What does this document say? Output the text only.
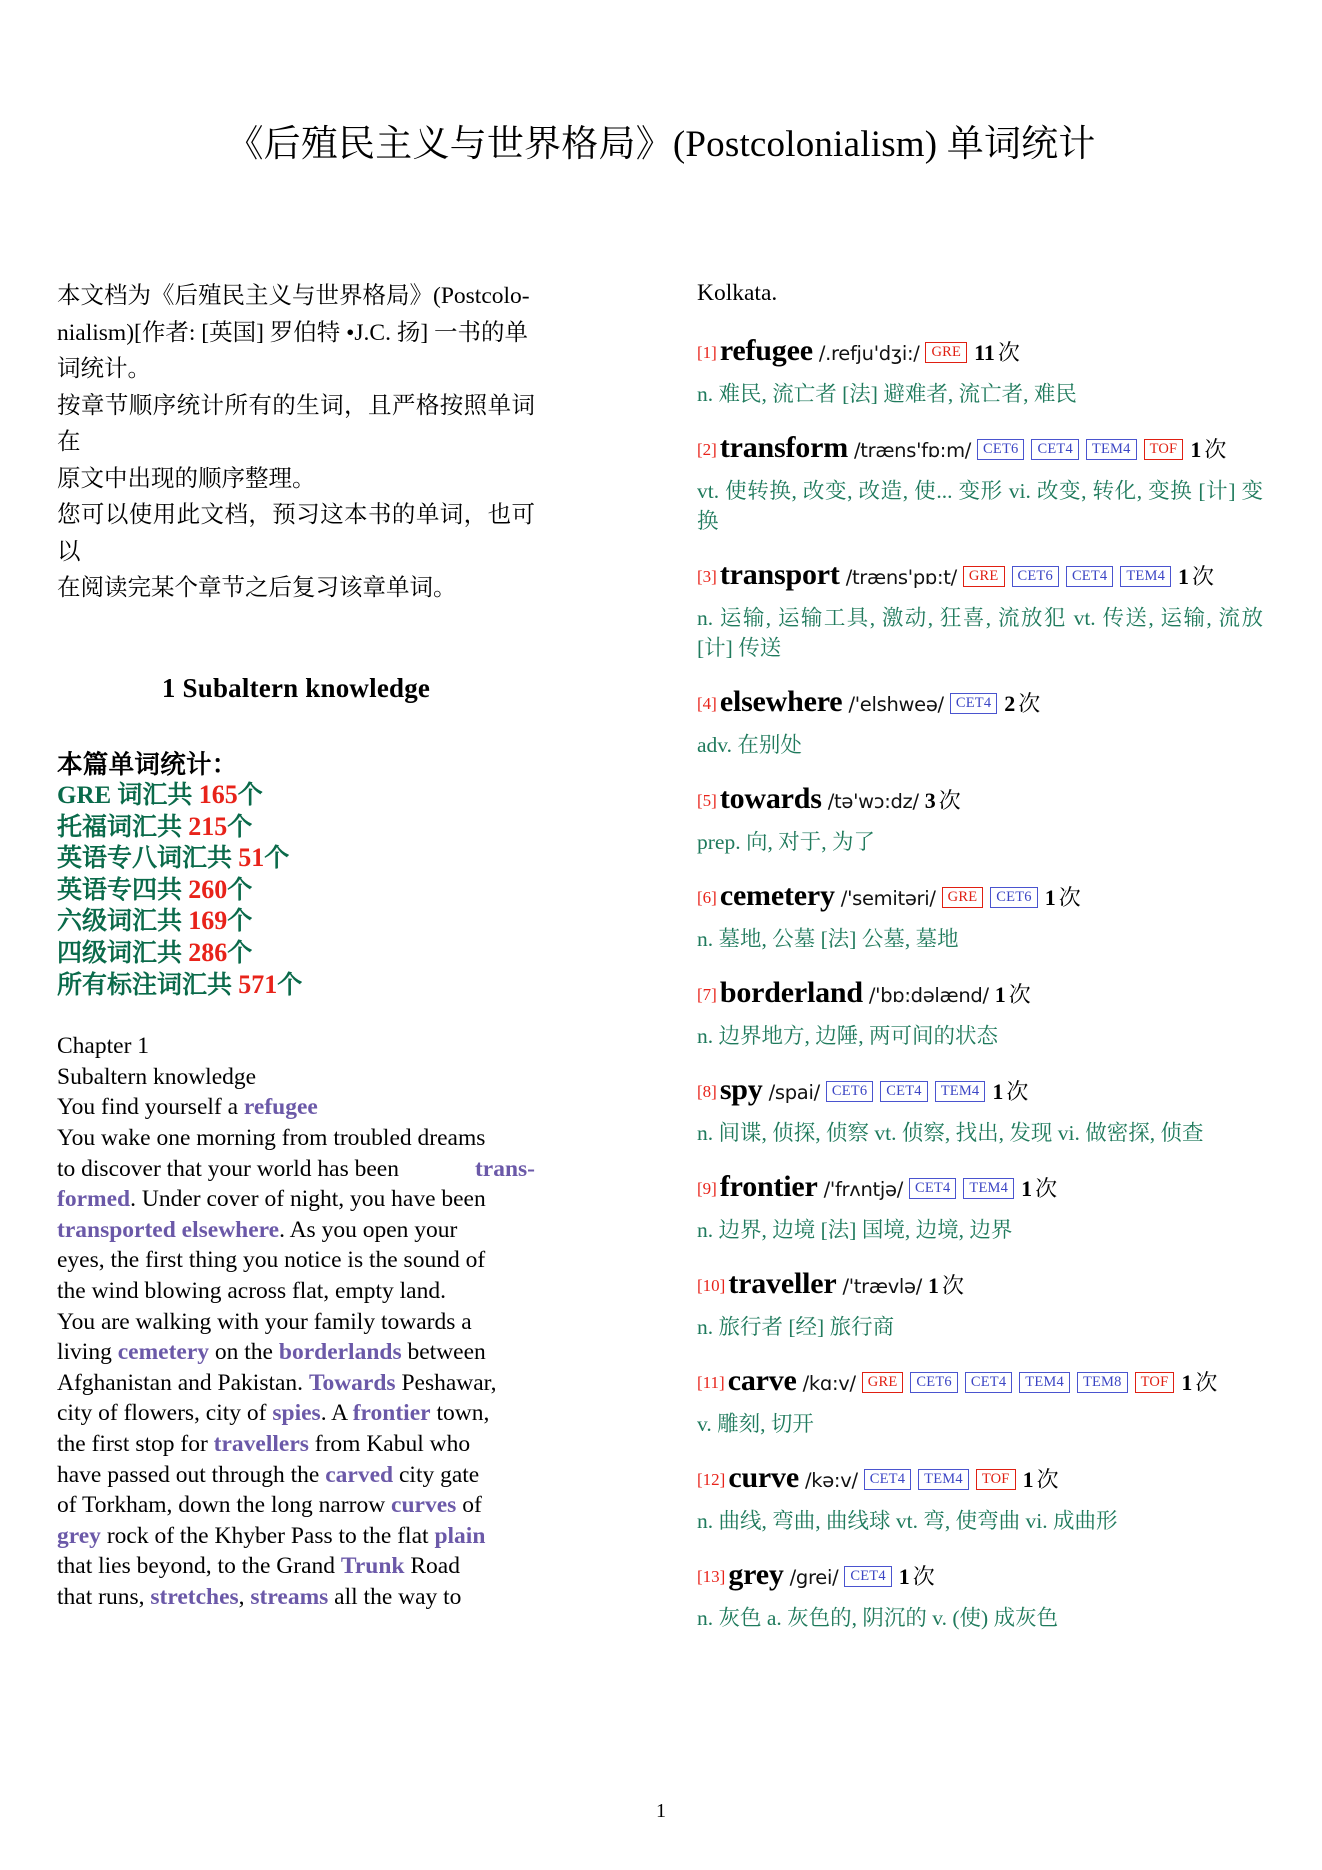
《后殖民主义与世界格局》(Postcolonialism) 单词统计

本文档为《后殖民主义与世界格局》(Postcolo-

nialism)[作者: [英国] 罗伯特 •J.C. 扬] 一书的单

词统计。

按章节顺序统计所有的生词，且严格按照单词在

原文中出现的顺序整理。

您可以使用此文档，预习这本书的单词，也可以

在阅读完某个章节之后复习该章单词。

1 Subaltern knowledge
本篇单词统计：
GRE 词汇共 165个
托福词汇共 215个
英语专八词汇共 51个
英语专四共 260个
六级词汇共 169个
四级词汇共 286个
所有标注词汇共 571个
Chapter 1
Subaltern knowledge
You find yourself a refugee
You wake one morning from troubled dreams
to discover that your world has been	trans-
formed. Under cover of night, you have been
transported elsewhere. As you open your
eyes, the first thing you notice is the sound of
the wind blowing across flat, empty land.
You are walking with your family towards a
living cemetery on the borderlands between
Afghanistan and Pakistan. Towards Peshawar,
city of flowers, city of spies. A frontier town,
the first stop for travellers from Kabul who
have passed out through the carved city gate
of Torkham, down the long narrow curves of
grey rock of the Khyber Pass to the flat plain
that lies beyond, to the Grand Trunk Road
that runs, stretches, streams all the way to
Kolkata.
[1] refugee /.refju'dʒi:/ GRE 11 次
n. 难民, 流亡者 [法] 避难者, 流亡者, 难民
[2] transform /træns'fɒ:m/ CET6 CET4 TEM4 TOF 1 次
vt. 使转换, 改变, 改造, 使... 变形 vi. 改变, 转化, 变换 [计] 变换
[3] transport /træns'pɒ:t/ GRE CET6 CET4 TEM4 1 次
n. 运输, 运输工具, 激动, 狂喜, 流放犯 vt. 传送, 运输, 流放 [计] 传送
[4] elsewhere /'elshweə/ CET4 2 次
adv. 在别处
[5] towards /tə'wɔ:dz/ 3 次
prep. 向, 对于, 为了
[6] cemetery /'semitəri/ GRE CET6 1 次
n. 墓地, 公墓 [法] 公墓, 墓地
[7] borderland /'bɒ:dəlænd/ 1 次
n. 边界地方, 边陲, 两可间的状态
[8] spy /spai/ CET6 CET4 TEM4 1 次
n. 间谍, 侦探, 侦察 vt. 侦察, 找出, 发现 vi. 做密探, 侦查
[9] frontier /'frʌntjə/ CET4 TEM4 1 次
n. 边界, 边境 [法] 国境, 边境, 边界
[10] traveller /'trævlə/ 1 次
n. 旅行者 [经] 旅行商
[11] carve /kɑ:v/ GRE CET6 CET4 TEM4 TEM8 TOF 1 次
v. 雕刻, 切开
[12] curve /kə:v/ CET4 TEM4 TOF 1 次
n. 曲线, 弯曲, 曲线球 vt. 弯, 使弯曲 vi. 成曲形
[13] grey /grei/ CET4 1 次
n. 灰色 a. 灰色的, 阴沉的 v. (使) 成灰色
1
